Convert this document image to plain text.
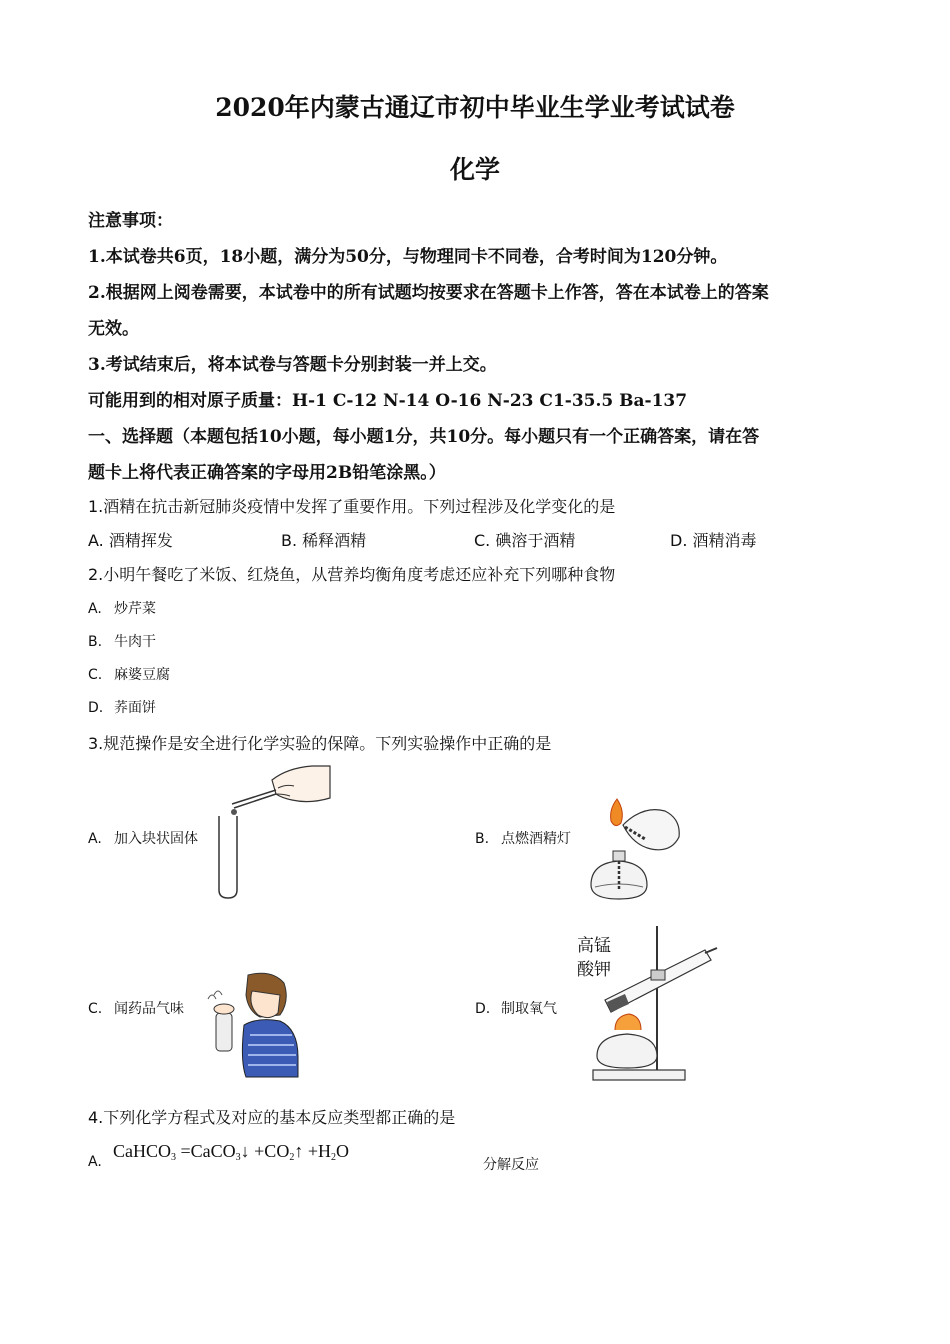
2020年内蒙古通辽市初中毕业生学业考试试卷
化学
注意事项：
1.本试卷共6页，18小题，满分为50分，与物理同卡不同卷，合考时间为120分钟。
2.根据网上阅卷需要，本试卷中的所有试题均按要求在答题卡上作答，答在本试卷上的答案
无效。
3.考试结束后，将本试卷与答题卡分别封装一并上交。
可能用到的相对原子质量：H-1 C-12 N-14 O-16 N-23 C1-35.5 Ba-137
一、选择题（本题包括10小题，每小题1分，共10分。每小题只有一个正确答案，请在答
题卡上将代表正确答案的字母用2B铅笔涂黑。）
1.酒精在抗击新冠肺炎疫情中发挥了重要作用。下列过程涉及化学变化的是
A. 酒精挥发	B. 稀释酒精	C. 碘溶于酒精	D. 酒精消毒
2.小明午餐吃了米饭、红烧鱼，从营养均衡角度考虑还应补充下列哪种食物
A. 炒芹菜
B. 牛肉干
C. 麻婆豆腐
D. 荞面饼
3.规范操作是安全进行化学实验的保障。下列实验操作中正确的是
A. 加入块状固体	B. 点燃酒精灯
C. 闻药品气味	D. 制取氧气
高锰
酸钾
4.下列化学方程式及对应的基本反应类型都正确的是
A.
CaHCO$_3$ =CaCO$_3$↓ $+CO_2↑ +H_2O$
分解反应
